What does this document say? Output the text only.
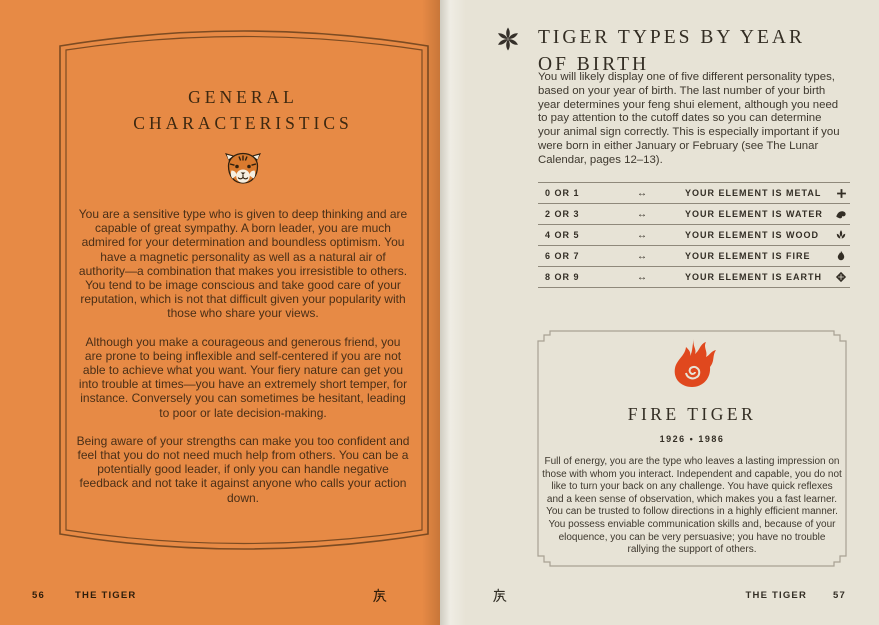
GENERAL CHARACTERISTICS

You are a sensitive type who is given to deep thinking and are capable of great sympathy. A born leader, you are much admired for your determination and boundless optimism. You have a magnetic personality as well as a natural air of authority—a combination that makes you irresistible to others. You tend to be image conscious and take good care of your reputation, which is not that difficult given your popularity with those who share your views.

Although you make a courageous and generous friend, you are prone to being inflexible and self-centered if you are not able to achieve what you want. Your fiery nature can get you into trouble at times—you have an extremely short temper, for instance. Conversely you can sometimes be hesitant, leading to poor or late decision-making.

Being aware of your strengths can make you too confident and feel that you do not need much help from others. You can be a potentially good leader, if only you can handle negative feedback and not take it against anyone who calls your action down.

56	THE TIGER
TIGER TYPES BY YEAR OF BIRTH

You will likely display one of five different personality types, based on your year of birth. The last number of your birth year determines your feng shui element, although you need to pay attention to the cutoff dates so you can determine your animal sign correctly. This is especially important if you were born in either January or February (see The Lunar Calendar, pages 12–13).

0 OR 1	↔	YOUR ELEMENT IS METAL
2 OR 3	↔	YOUR ELEMENT IS WATER
4 OR 5	↔	YOUR ELEMENT IS WOOD
6 OR 7	↔	YOUR ELEMENT IS FIRE
8 OR 9	↔	YOUR ELEMENT IS EARTH
FIRE TIGER
1926 • 1986

Full of energy, you are the type who leaves a lasting impression on those with whom you interact. Independent and capable, you do not like to turn your back on any challenge. You have quick reflexes and a keen sense of observation, which makes you a fast learner. You can be trusted to follow directions in a highly efficient manner. You possess enviable communication skills and, because of your eloquence, you can be very persuasive; you have no trouble rallying the support of others.

THE TIGER	57
